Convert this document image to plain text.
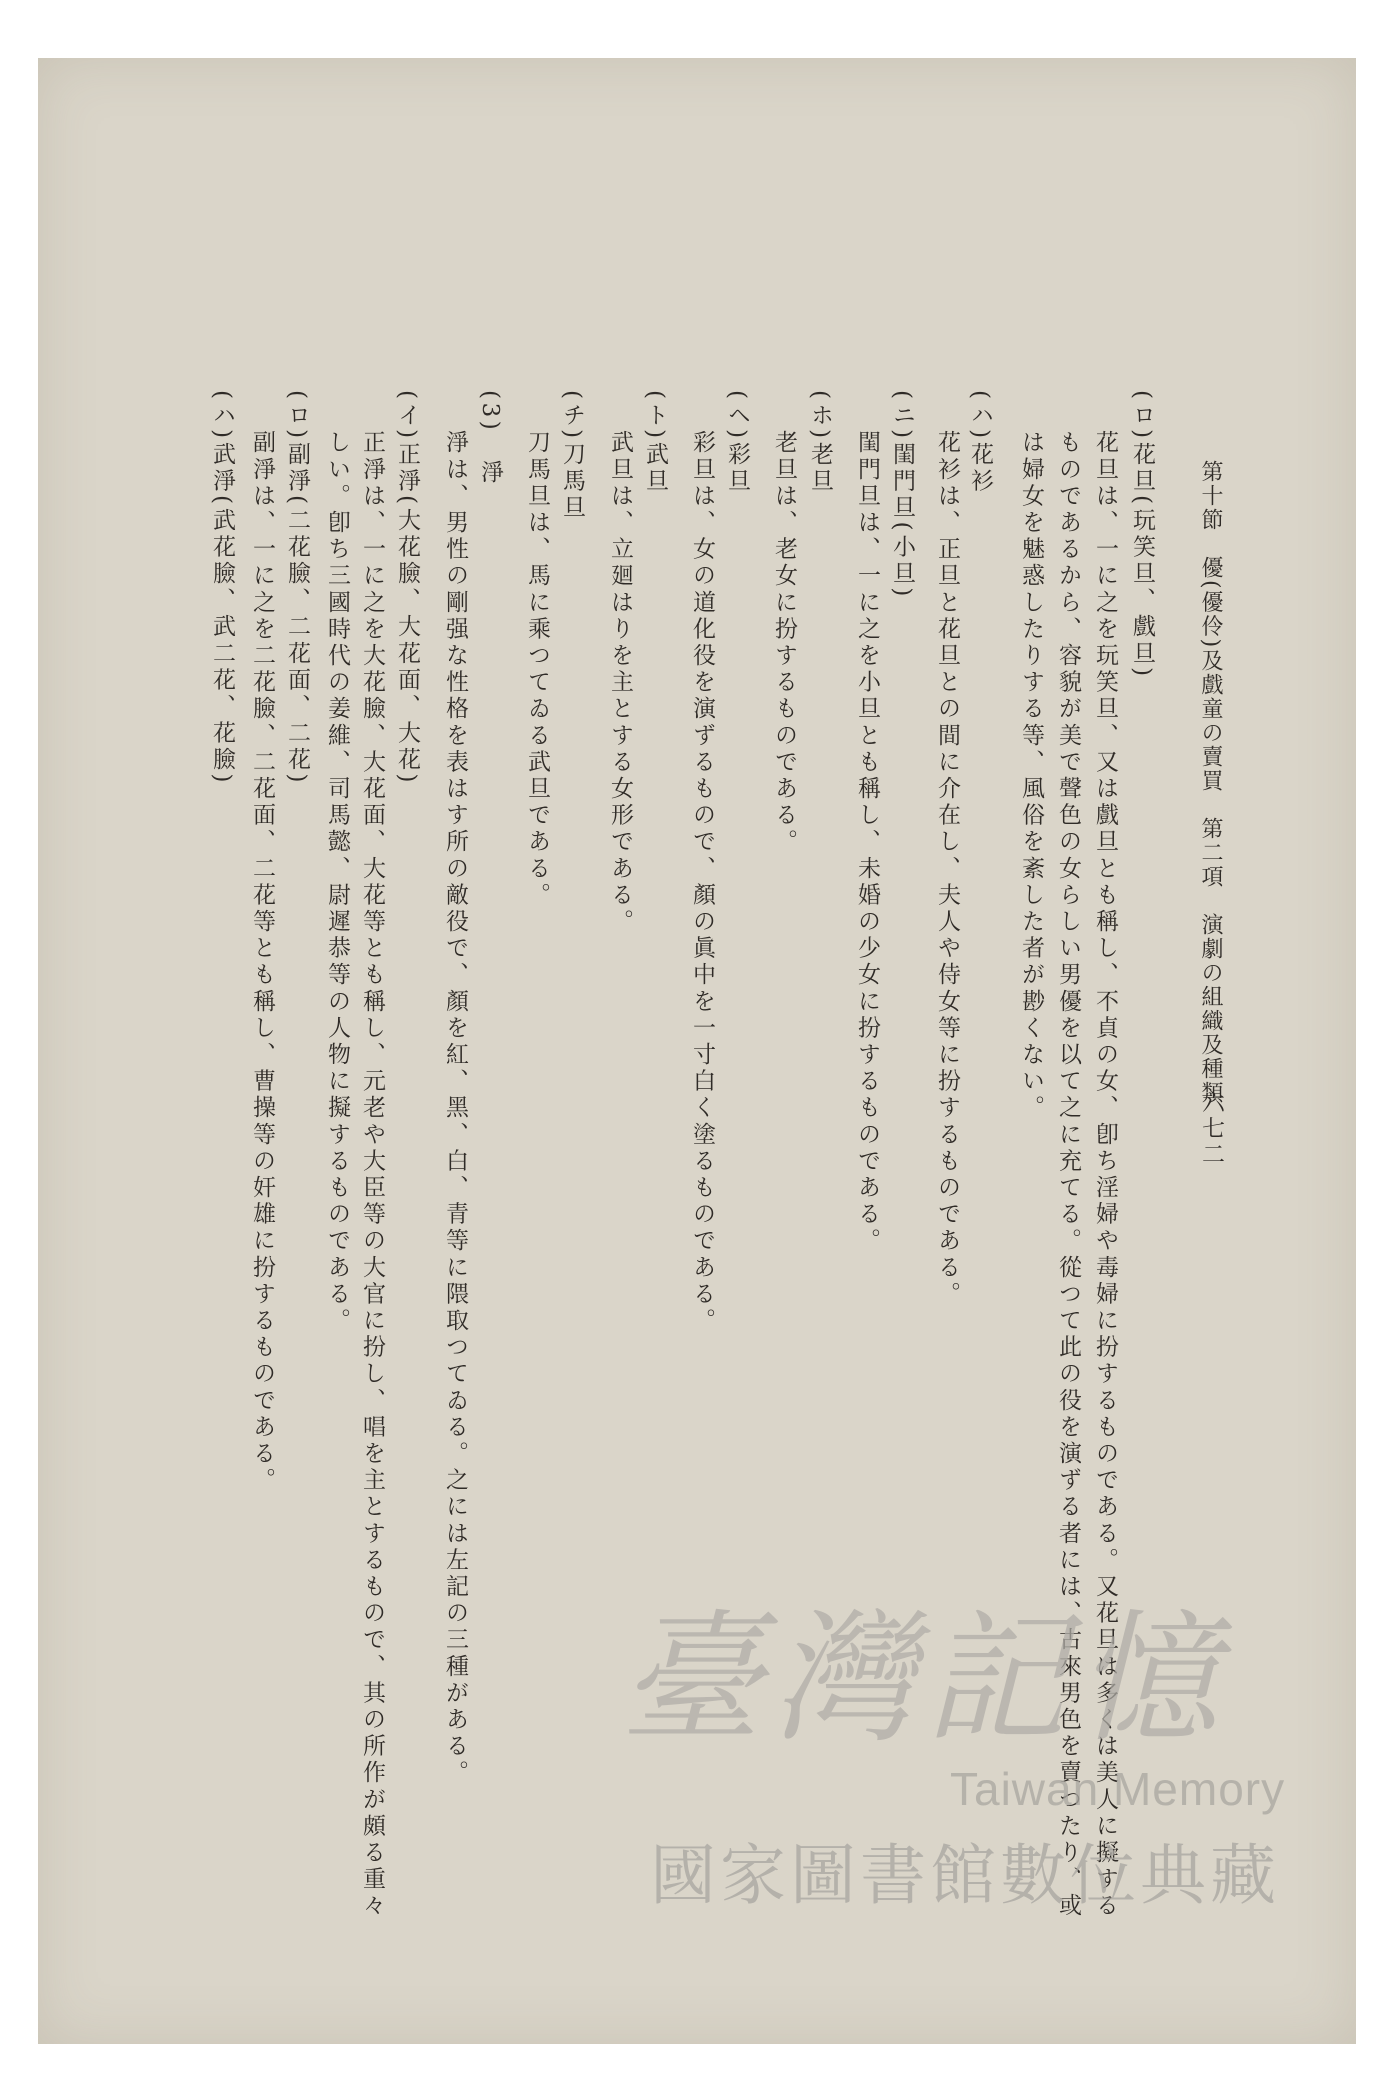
六七二
第十節　優(優伶)及戲童の賣買　第二項　演劇の組織及種類
(ロ)花旦(玩笑旦、戲旦)
花旦は、一に之を玩笑旦、又は戲旦とも稱し、不貞の女、卽ち淫婦や毒婦に扮するものである。又花旦は多くは美人に擬する
ものであるから、容貌が美で聲色の女らしい男優を以て之に充てる。從つて此の役を演ずる者には、古來男色を賣つたり、或
は婦女を魅惑したりする等、風俗を紊した者が尠くない。
(ハ)花衫
花衫は、正旦と花旦との間に介在し、夫人や侍女等に扮するものである。
(ニ)閨門旦(小旦)
閨門旦は、一に之を小旦とも稱し、未婚の少女に扮するものである。
(ホ)老旦
老旦は、老女に扮するものである。
(ヘ)彩旦
彩旦は、女の道化役を演ずるもので、顏の眞中を一寸白く塗るものである。
(ト)武旦
武旦は、立廻はりを主とする女形である。
(チ)刀馬旦
刀馬旦は、馬に乘つてゐる武旦である。
(3)　淨
淨は、男性の剛强な性格を表はす所の敵役で、顏を紅、黑、白、青等に隈取つてゐる。之には左記の三種がある。
(イ)正淨(大花臉、大花面、大花)
正淨は、一に之を大花臉、大花面、大花等とも稱し、元老や大臣等の大官に扮し、唱を主とするもので、其の所作が頗る重々
しい。卽ち三國時代の姜維、司馬懿、尉遲恭等の人物に擬するものである。
(ロ)副淨(二花臉、二花面、二花)
副淨は、一に之を二花臉、二花面、二花等とも稱し、曹操等の奸雄に扮するものである。
(ハ)武淨(武花臉、武二花、花臉)
臺灣記憶
Taiwan Memory
國家圖書館數位典藏
